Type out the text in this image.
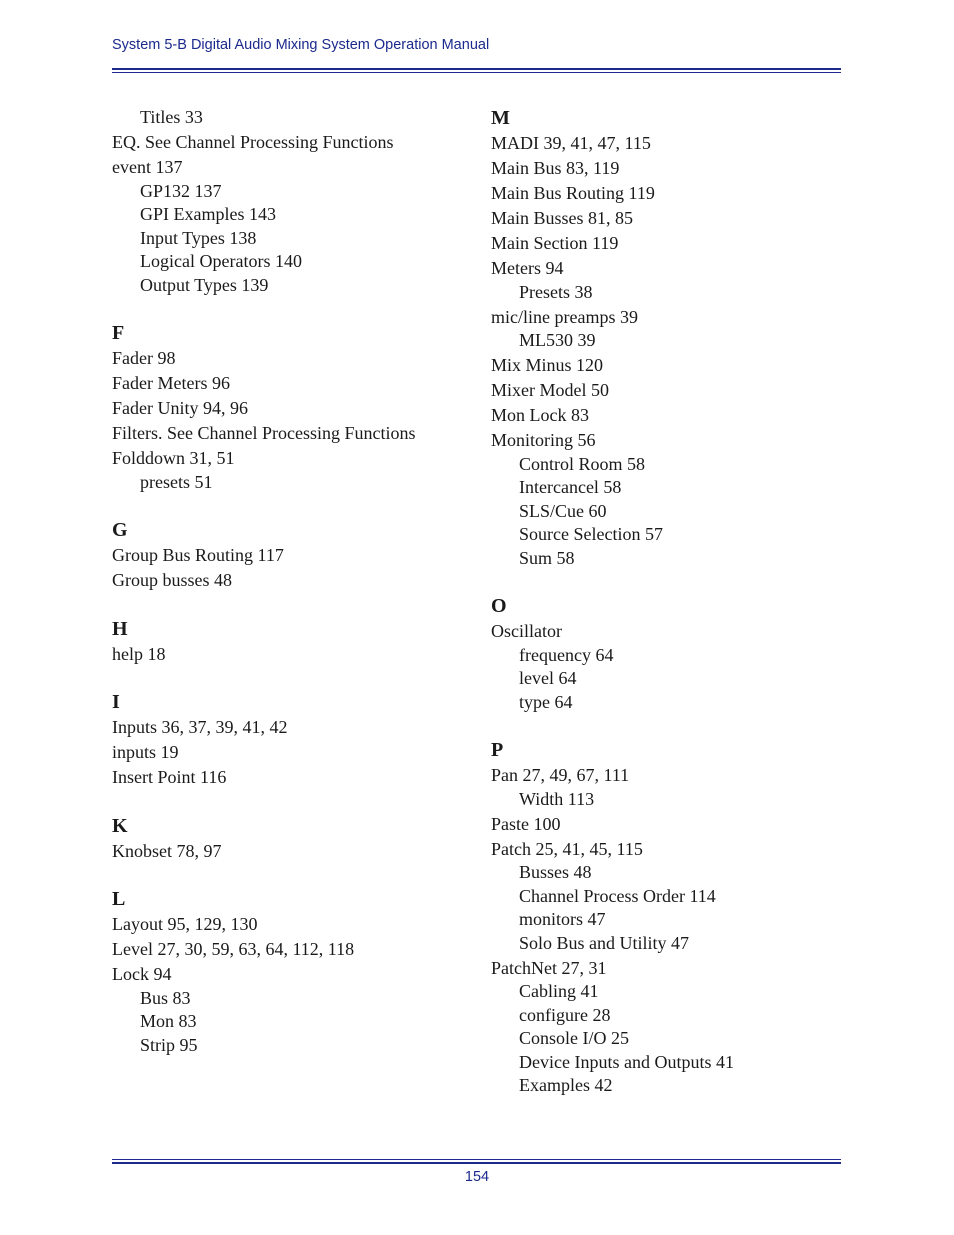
System 5-B Digital Audio Mixing System Operation Manual
Titles 33
EQ. See Channel Processing Functions
event 137
GP132 137
GPI Examples 143
Input Types 138
Logical Operators 140
Output Types 139
F
Fader 98
Fader Meters 96
Fader Unity 94, 96
Filters. See Channel Processing Functions
Folddown 31, 51
presets 51
G
Group Bus Routing 117
Group busses 48
H
help 18
I
Inputs 36, 37, 39, 41, 42
inputs 19
Insert Point 116
K
Knobset 78, 97
L
Layout 95, 129, 130
Level 27, 30, 59, 63, 64, 112, 118
Lock 94
Bus 83
Mon 83
Strip 95
M
MADI 39, 41, 47, 115
Main Bus 83, 119
Main Bus Routing 119
Main Busses 81, 85
Main Section 119
Meters 94
Presets 38
mic/line preamps 39
ML530 39
Mix Minus 120
Mixer Model 50
Mon Lock 83
Monitoring 56
Control Room 58
Intercancel 58
SLS/Cue 60
Source Selection 57
Sum 58
O
Oscillator
frequency 64
level 64
type 64
P
Pan 27, 49, 67, 111
Width 113
Paste 100
Patch 25, 41, 45, 115
Busses 48
Channel Process Order 114
monitors 47
Solo Bus and Utility 47
PatchNet 27, 31
Cabling 41
configure 28
Console I/O 25
Device Inputs and Outputs 41
Examples 42
154
